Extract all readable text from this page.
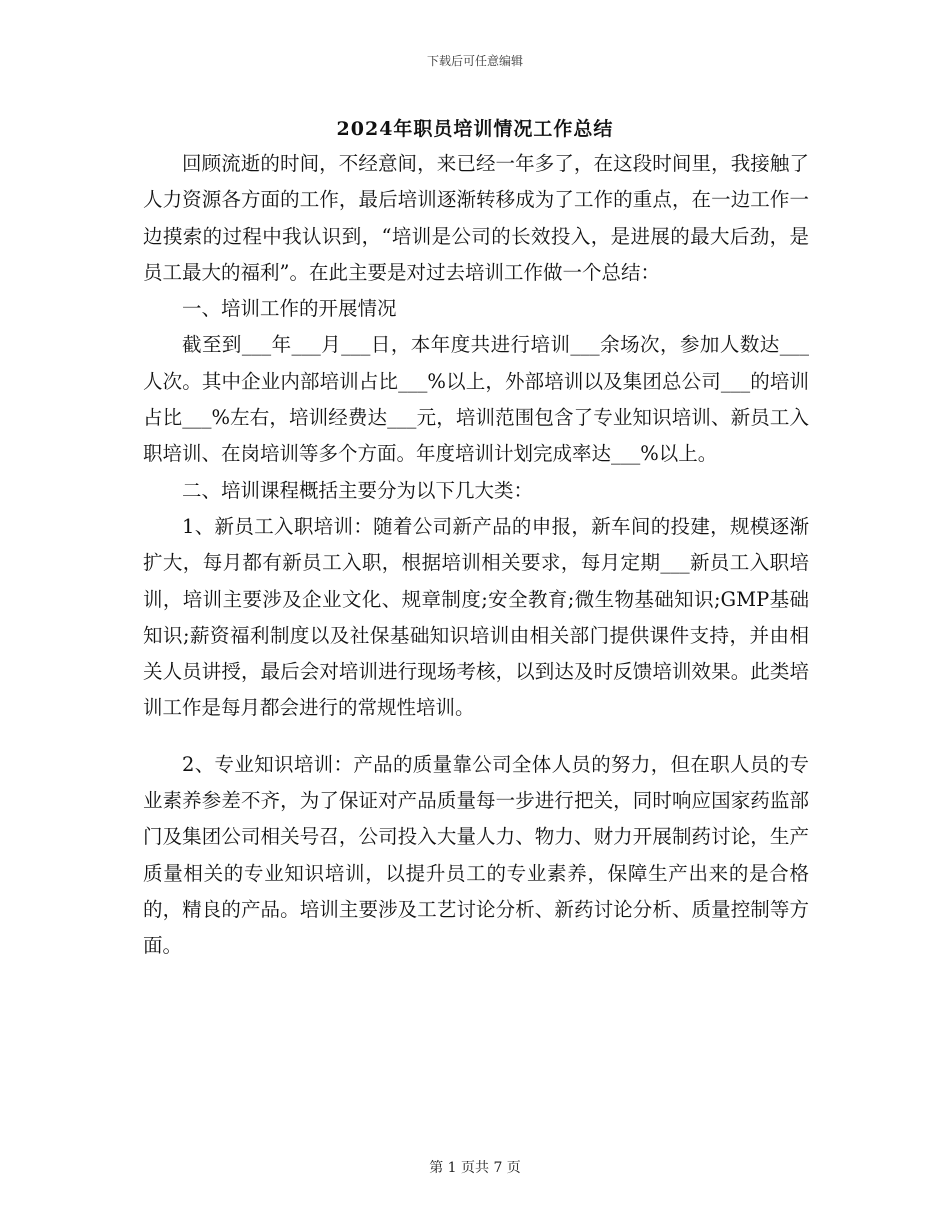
下载后可任意编辑
2024年职员培训情况工作总结

回顾流逝的时间，不经意间，来已经一年多了，在这段时间里，我接触了人力资源各方面的工作，最后培训逐渐转移成为了工作的重点，在一边工作一边摸索的过程中我认识到，“培训是公司的长效投入，是进展的最大后劲，是员工最大的福利”。在此主要是对过去培训工作做一个总结：

一、培训工作的开展情况

截至到___年___月___日，本年度共进行培训___余场次，参加人数达___人次。其中企业内部培训占比___%以上，外部培训以及集团总公司___的培训占比___%左右，培训经费达___元，培训范围包含了专业知识培训、新员工入职培训、在岗培训等多个方面。年度培训计划完成率达___%以上。

二、培训课程概括主要分为以下几大类：

1、新员工入职培训：随着公司新产品的申报，新车间的投建，规模逐渐扩大，每月都有新员工入职，根据培训相关要求，每月定期___新员工入职培训，培训主要涉及企业文化、规章制度;安全教育;微生物基础知识;GMP基础知识;薪资福利制度以及社保基础知识培训由相关部门提供课件支持，并由相关人员讲授，最后会对培训进行现场考核，以到达及时反馈培训效果。此类培训工作是每月都会进行的常规性培训。

2、专业知识培训：产品的质量靠公司全体人员的努力，但在职人员的专业素养参差不齐，为了保证对产品质量每一步进行把关，同时响应国家药监部门及集团公司相关号召，公司投入大量人力、物力、财力开展制药讨论，生产质量相关的专业知识培训，以提升员工的专业素养，保障生产出来的是合格的，精良的产品。培训主要涉及工艺讨论分析、新药讨论分析、质量控制等方面。

第 1 页共 7 页
